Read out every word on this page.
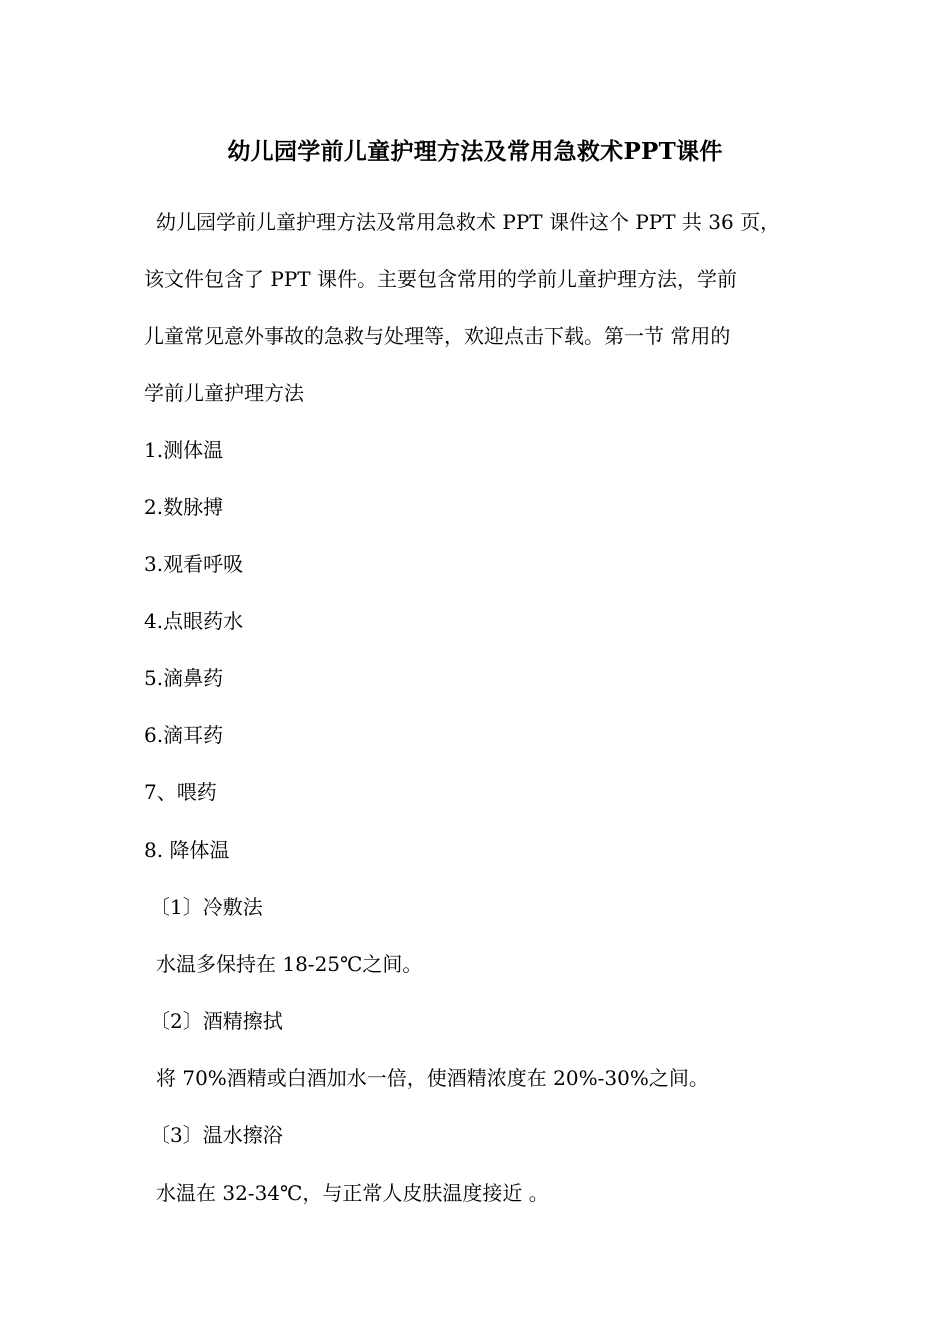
幼儿园学前儿童护理方法及常用急救术PPT课件
幼儿园学前儿童护理方法及常用急救术 PPT 课件这个 PPT 共 36 页，
该文件包含了 PPT 课件。主要包含常用的学前儿童护理方法，学前
儿童常见意外事故的急救与处理等，欢迎点击下载。第一节 常用的
学前儿童护理方法
1.测体温
2.数脉搏
3.观看呼吸
4.点眼药水
5.滴鼻药
6.滴耳药
7、喂药
8. 降体温
〔1〕冷敷法
水温多保持在 18-25℃之间。
〔2〕酒精擦拭
将 70%酒精或白酒加水一倍，使酒精浓度在 20%-30%之间。
〔3〕温水擦浴
水温在 32-34℃，与正常人皮肤温度接近 。
